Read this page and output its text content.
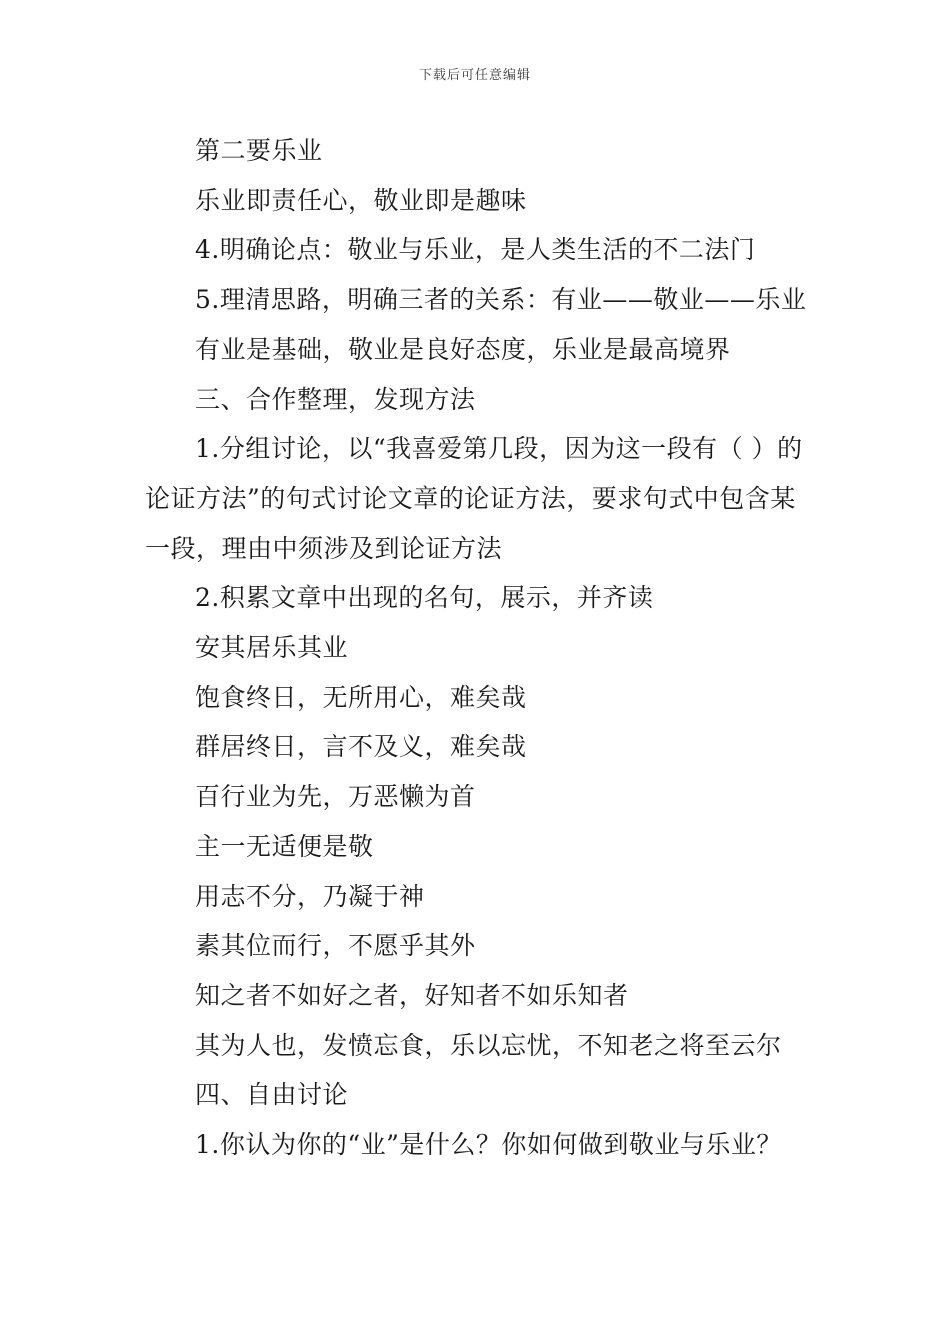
下载后可任意编辑

第二要乐业

乐业即责任心，敬业即是趣味

4.明确论点：敬业与乐业，是人类生活的不二法门

5.理清思路，明确三者的关系：有业——敬业——乐业

有业是基础，敬业是良好态度，乐业是最高境界

三、合作整理，发现方法

1.分组讨论，以“我喜爱第几段，因为这一段有（ ）的论证方法”的句式讨论文章的论证方法，要求句式中包含某一段，理由中须涉及到论证方法

2.积累文章中出现的名句，展示，并齐读

安其居乐其业

饱食终日，无所用心，难矣哉

群居终日，言不及义，难矣哉

百行业为先，万恶懒为首

主一无适便是敬

用志不分，乃凝于神

素其位而行，不愿乎其外

知之者不如好之者，好知者不如乐知者

其为人也，发愤忘食，乐以忘忧，不知老之将至云尔

四、自由讨论

1.你认为你的“业”是什么？你如何做到敬业与乐业？
